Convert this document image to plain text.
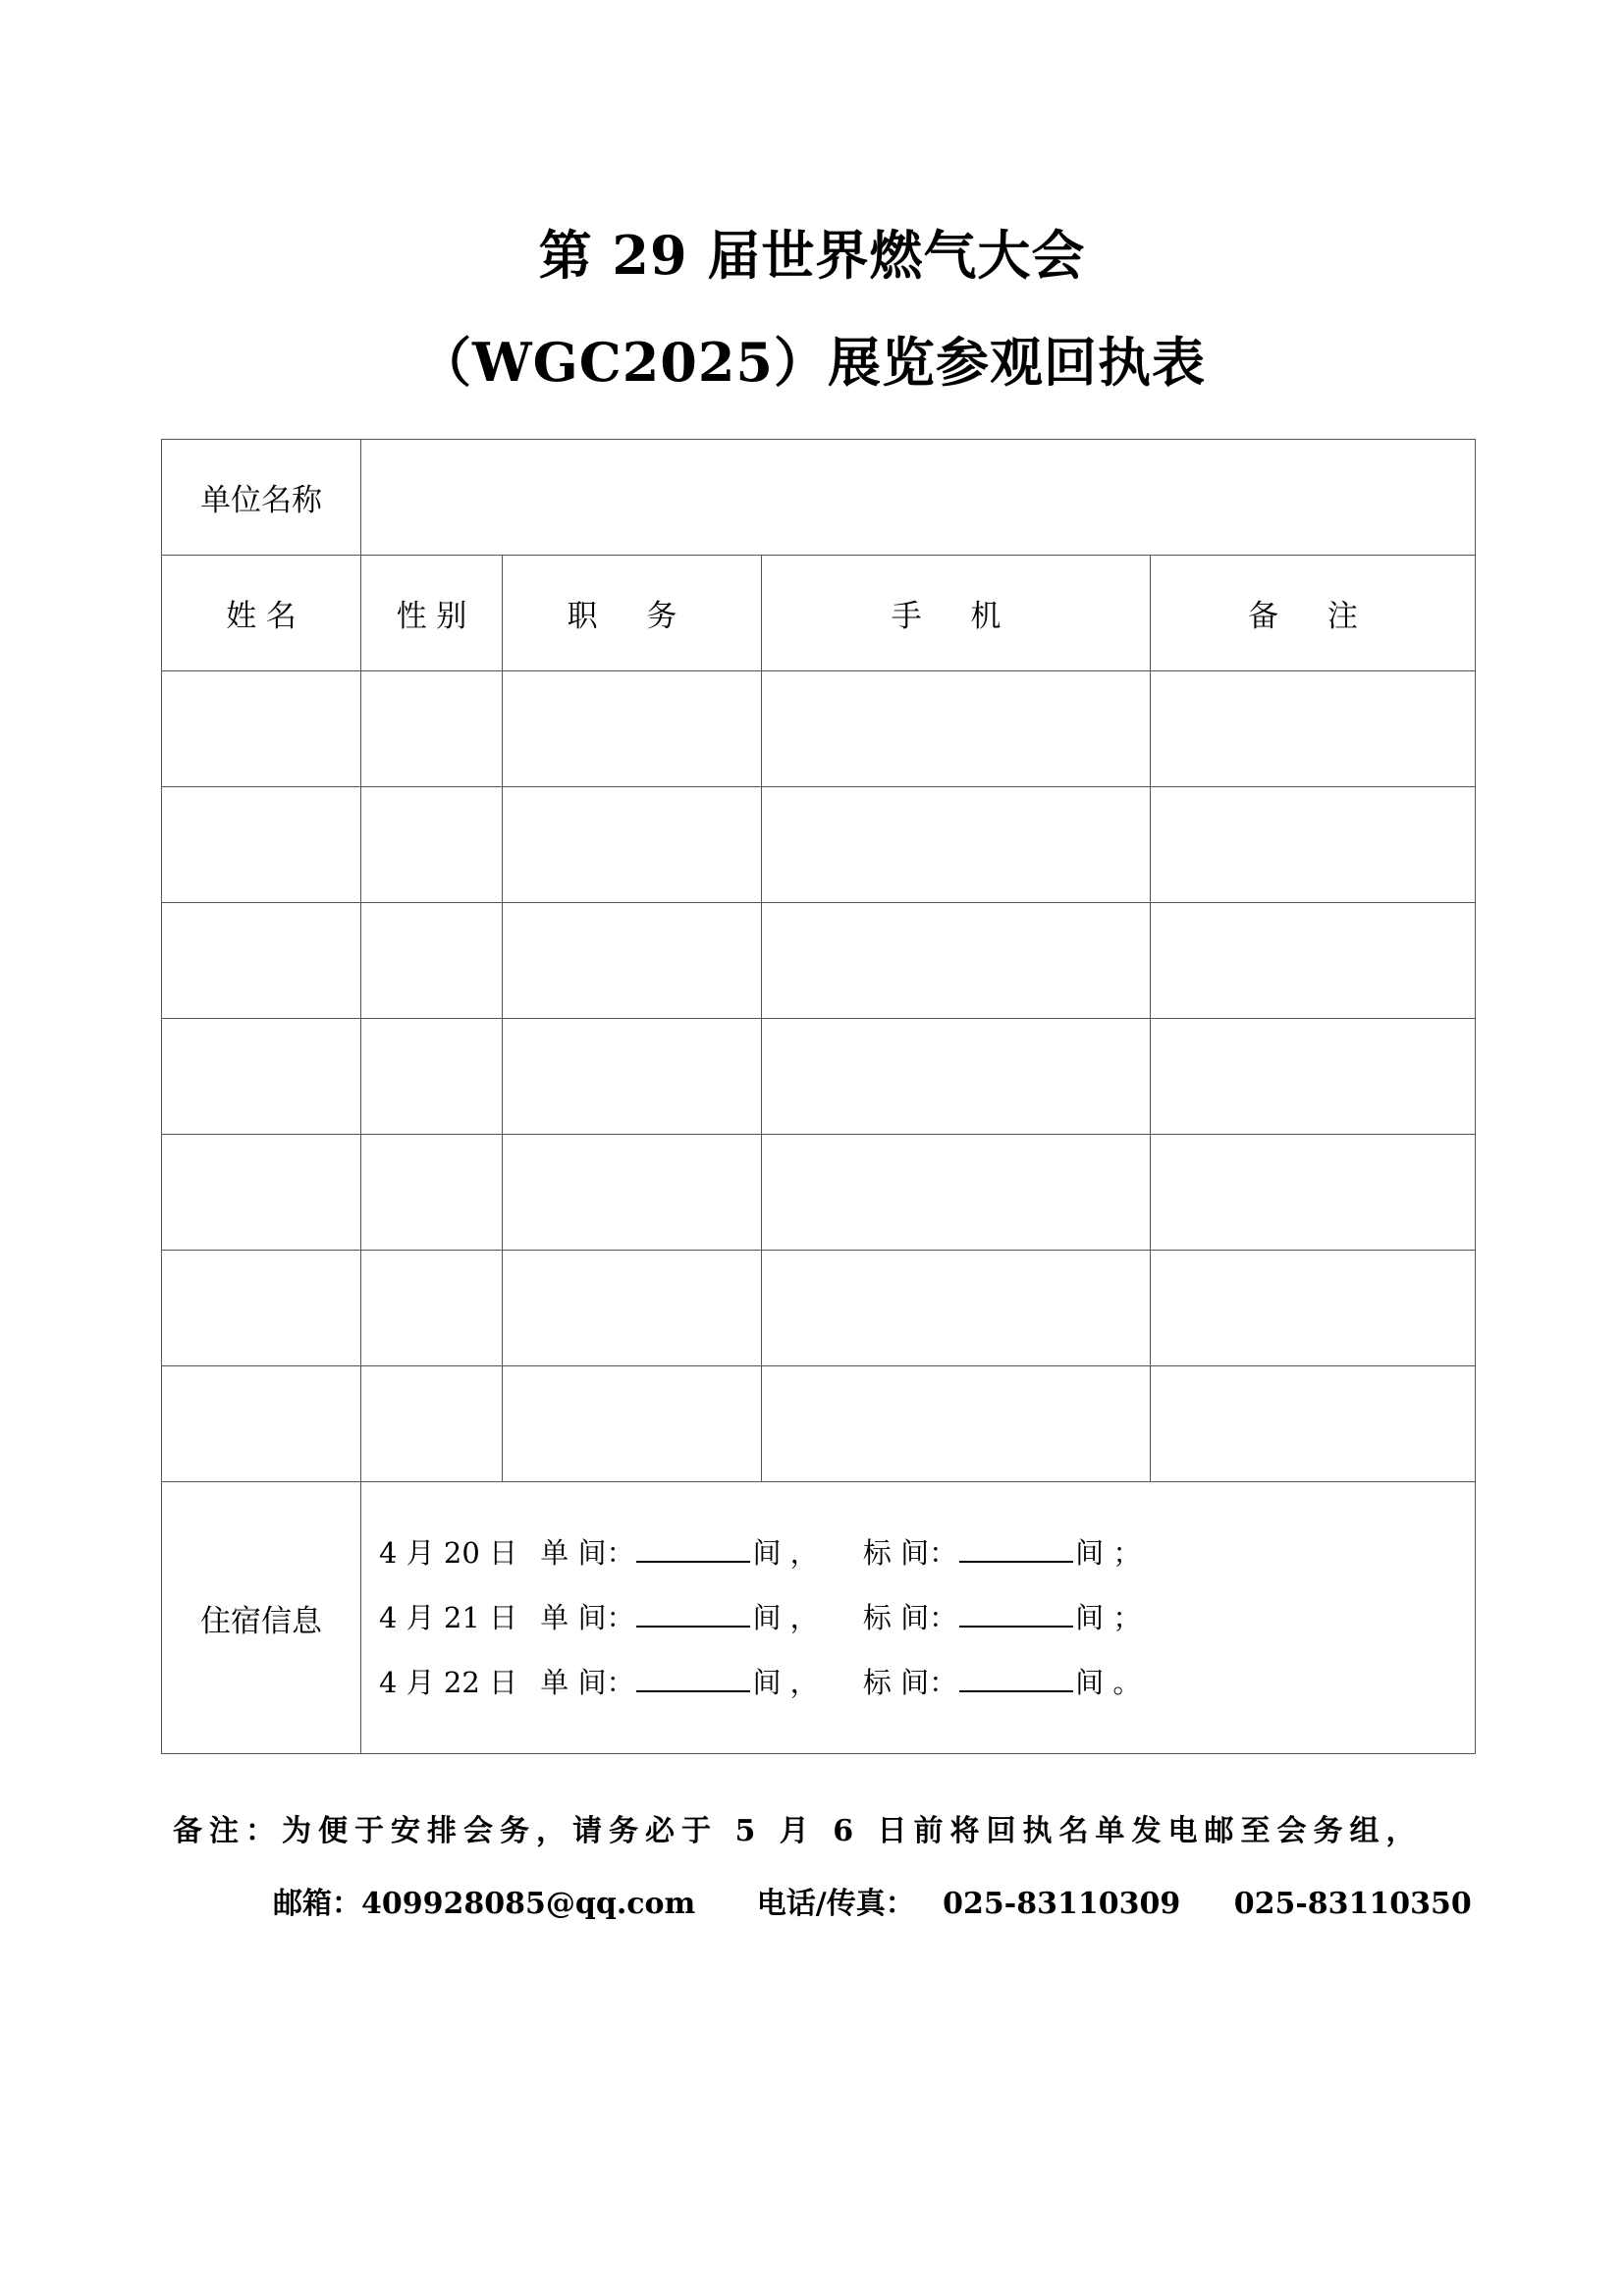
第 29 届世界燃气大会
（WGC2025）展览参观回执表
单位名称				
姓 名	性 别	职 务	手 机	备 注

住宿信息	4 月 20 日 单 间： 间 ， 标 间： 间 ；
4 月 21 日 单 间： 间 ， 标 间： 间 ；
4 月 22 日 单 间： 间 ， 标 间： 间 。			
备注：为便于安排会务，请务必于 5 月 6 日前将回执名单发电邮至会务组，
邮箱：409928085@qq.com 电话/传真： 025-83110309 025-83110350
